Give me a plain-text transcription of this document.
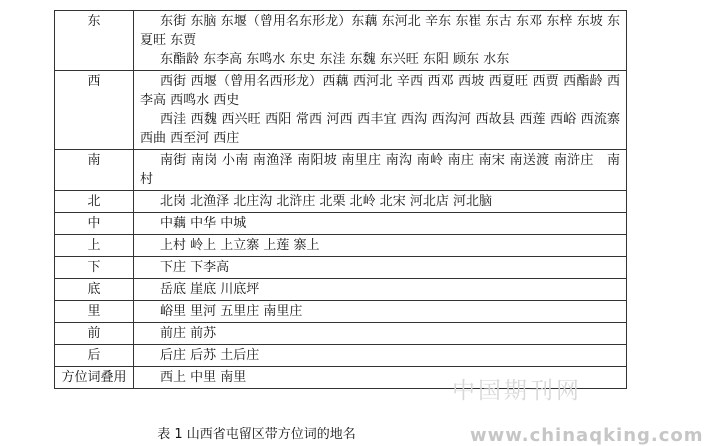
东	东街 东脑 东堰（曾用名东形龙）东藕 东河北 辛东 东崔 东古 东邓 东梓 东坡 东夏旺 东贾
东酯龄 东李高 东鸣水 东史 东洼 东魏 东兴旺 东阳 顾东 水东

西	西街 西堰（曾用名西形龙）西藕 西河北 辛西 西邓 西坡 西夏旺 西贾 西酯龄 西李高 西鸣水 西史
西洼 西魏 西兴旺 西阳 常西 河西 西丰宜 西沟 西沟河 西故县 西莲 西峪 西流寨 西曲 西至河 西庄

南	南街 南岗 小南 南渔泽 南阳坡 南里庄 南沟 南岭 南庄 南宋 南送渡 南浒庄　南村

北	北岗 北渔泽 北庄沟 北浒庄 北栗 北岭 北宋 河北店 河北脑

中	中藕 中华 中城

上	上村 岭上 上立寨 上莲 寨上

下	下庄 下李高

底	岳底 崖底 川底坪

里	峪里 里河 五里庄 南里庄

前	前庄 前苏

后	后庄 后苏 土后庄

方位词叠用	西上 中里 南里
表 1 山西省屯留区带方位词的地名
中国期刊网
www.chinaqking.com
